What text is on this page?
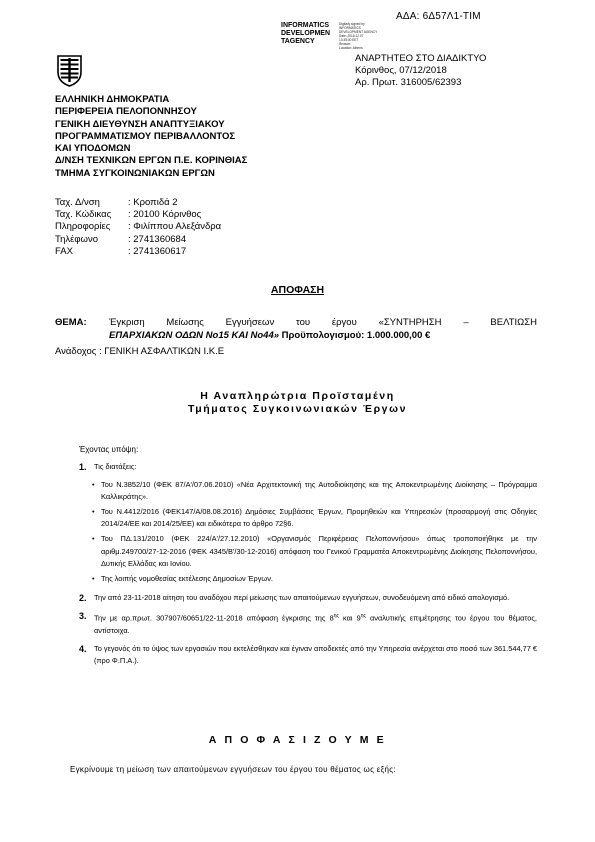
ΑΔΑ: 6Δ57Λ1-ΤΙΜ
INFORMATICS
DEVELOPMEN
TAGENCY
Digitally signed by
INFORMATICS
DEVELOPMENT AGENCY
Date: 2018.12.07
13:35:40 EET
Reason:
Location: Athens
ΑΝΑΡΤΗΤΕΟ ΣΤΟ ΔΙΑΔΙΚΤΥΟ
Κόρινθος, 07/12/2018
Αρ. Πρωτ. 316005/62393
ΕΛΛΗΝΙΚΗ ΔΗΜΟΚΡΑΤΙΑ
ΠΕΡΙΦΕΡΕΙΑ ΠΕΛΟΠΟΝΝΗΣΟΥ
ΓΕΝΙΚΗ ΔΙΕΥΘΥΝΣΗ ΑΝΑΠΤΥΞΙΑΚΟΥ
ΠΡΟΓΡΑΜΜΑΤΙΣΜΟΥ ΠΕΡΙΒΑΛΛΟΝΤΟΣ
ΚΑΙ ΥΠΟΔΟΜΩΝ
Δ/ΝΣΗ ΤΕΧΝΙΚΩΝ ΕΡΓΩΝ Π.Ε. ΚΟΡΙΝΘΙΑΣ
ΤΜΗΜΑ ΣΥΓΚΟΙΝΩΝΙΑΚΩΝ ΕΡΓΩΝ
Ταχ. Δ/νση	: Κροπιδά 2
Ταχ. Κώδικας	: 20100 Κόρινθος
Πληροφορίες	: Φιλίππου Αλεξάνδρα
Τηλέφωνο	: 2741360684
FAX	: 2741360617
ΑΠΟΦΑΣΗ
ΘΕΜΑ: Έγκριση Μείωσης Εγγυήσεων του έργου «ΣΥΝΤΗΡΗΣΗ – ΒΕΛΤΙΩΣΗ
ΕΠΑΡΧΙΑΚΩΝ ΟΔΩΝ Νο15 ΚΑΙ Νο44» Προϋπολογισμού: 1.000.000,00 €
Ανάδοχος : ΓΕΝΙΚΗ ΑΣΦΑΛΤΙΚΩΝ Ι.Κ.Ε
Η Αναπληρώτρια Προϊσταμένη
Τμήματος Συγκοινωνιακών Έργων
Έχοντας υπόψη:
1.	Τις διατάξεις:
• Του Ν.3852/10 (ΦΕΚ 87/Α'/07.06.2010) «Νέα Αρχιτεκτονική της Αυτοδιοίκησης και της Αποκεντρωμένης Διοίκησης – Πρόγραμμα Καλλικράτης».
• Του Ν.4412/2016 (ΦΕΚ147/Α/08.08.2016) Δημόσιες Συμβάσεις Έργων, Προμηθειών και Υπηρεσιών (προσαρμογή στις Οδηγίες 2014/24/ΕΕ και 2014/25/ΕΕ) και ειδικότερα το άρθρο 72§6.
• Του ΠΔ.131/2010 (ΦΕΚ 224/Α'/27.12.2010) «Οργανισμός Περιφέρειας Πελοποννήσου» όπως τροποποιήθηκε με την αριθμ.249700/27-12-2016 (ΦΕΚ 4345/Β'/30-12-2016) απόφαση του Γενικού Γραμματέα Αποκεντρωμένης Διοίκησης Πελοποννήσου, Δυτικής Ελλάδας και Ιονίου.
• Της λοιπής νομοθεσίας εκτέλεσης Δημοσίων Έργων.
2.	Την από 23-11-2018 αίτηση του αναδόχου περί μείωσης των απαιτούμενων εγγυήσεων, συνοδευόμενη από ειδικό απολογισμό.
3.	Την με αρ.πρωτ. 307907/60651/22-11-2018 απόφαση έγκρισης της $8^{\eta\varsigma}$ και $9^{\eta\varsigma}$ αναλυτικής επιμέτρησης του έργου του θέματος, αντίστοιχα.
4.	Το γεγονός ότι το ύψος των εργασιών που εκτελέσθηκαν και έγιναν αποδεκτές από την Υπηρεσία ανέρχεται στο ποσό των 361.544,77 € (προ Φ.Π.Α.).
Α Π Ο Φ Α Σ Ι Ζ Ο Υ Μ Ε
Εγκρίνουμε τη μείωση των απαιτούμενων εγγυήσεων του έργου του θέματος ως εξής:
